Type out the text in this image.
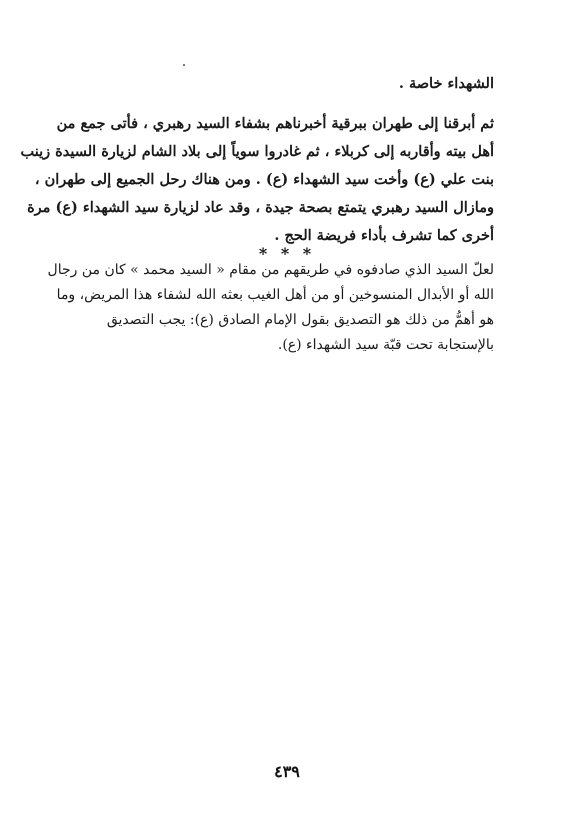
الشهداء خاصة .
ثم أبرقنا إلى طهران ببرقية أخبرناهم بشفاء السيد رهبري ، فأتى جمع من
أهل بيته وأقاربه إلى كربلاء ، ثم غادروا سوياً إلى بلاد الشام لزيارة السيدة زينب
بنت علي (ع) وأخت سيد الشهداء (ع) . ومن هناك رحل الجميع إلى طهران ،
ومازال السيد رهبري يتمتع بصحة جيدة ، وقد عاد لزيارة سيد الشهداء (ع) مرة
أخرى كما تشرف بأداء فريضة الحج .
* * *
لعلّ السيد الذي صادفوه في طريقهم من مقام « السيد محمد » كان من رجال
الله أو الأبدال المنسوخين أو من أهل الغيب بعثه الله لشفاء هذا المريض، وما
هو أهمُّ من ذلك هو التصديق بقول الإمام الصادق (ع): يجب التصديق
بالإستجابة تحت قبّة سيد الشهداء (ع).
٤٣٩
